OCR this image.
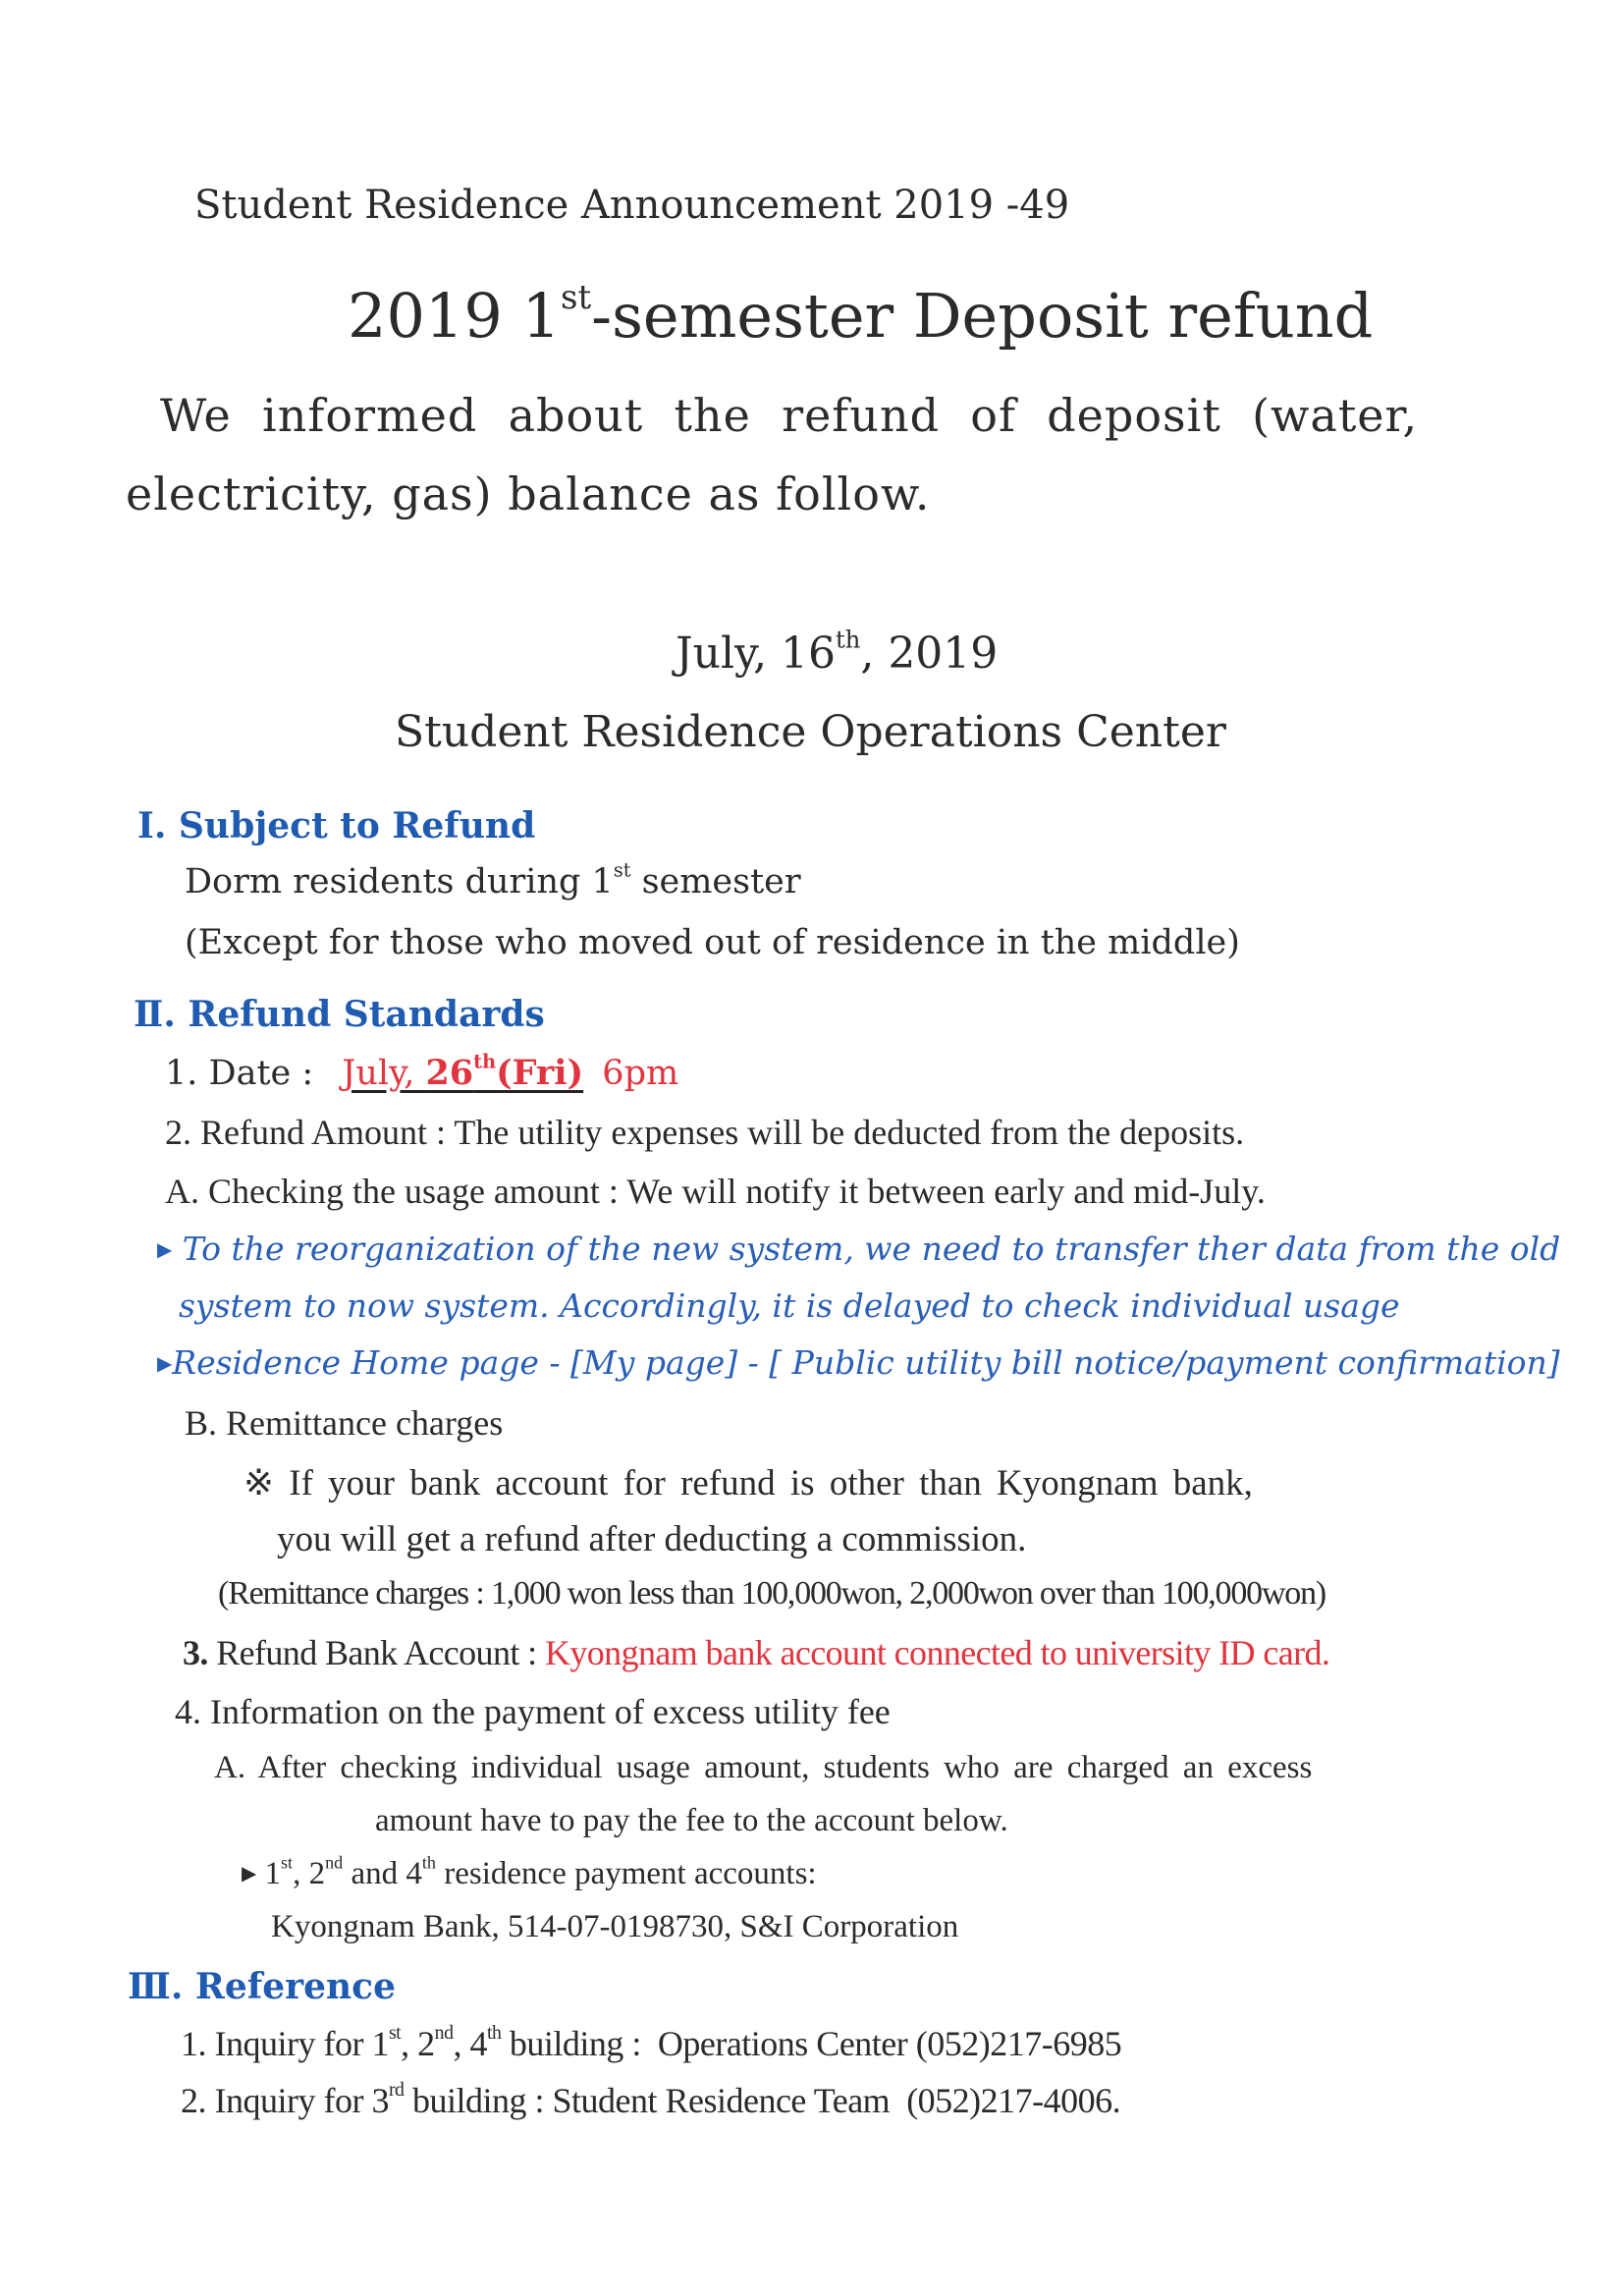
Student Residence Announcement 2019 -49
2019 1st-semester Deposit refund
We  informed  about  the  refund  of  deposit  (water,
electricity, gas) balance as follow.
July, 16th, 2019
Student Residence Operations Center
Ⅰ. Subject to Refund
Dorm residents during 1st semester
(Except for those who moved out of residence in the middle)
Ⅱ. Refund Standards
1. Date : July, 26th(Fri) 6pm
2. Refund Amount : The utility expenses will be deducted from the deposits.
A. Checking the usage amount : We will notify it between early and mid-July.
▶ To the reorganization of the new system, we need to transfer ther data from the old
system to now system. Accordingly, it is delayed to check individual usage
▶Residence Home page - [My page] - [ Public utility bill notice/payment confirmation]
B. Remittance charges
※ If your bank account for refund is other than Kyongnam bank,
you will get a refund after deducting a commission.
(Remittance charges : 1,000 won less than 100,000won, 2,000won over than 100,000won)
3. Refund Bank Account : Kyongnam bank account connected to university ID card.
4. Information on the payment of excess utility fee
A. After checking individual usage amount, students who are charged an excess
amount have to pay the fee to the account below.
▶ 1st, 2nd and 4th residence payment accounts:
Kyongnam Bank, 514-07-0198730, S&I Corporation
Ⅲ. Reference
1. Inquiry for 1st, 2nd, 4th building :  Operations Center (052)217-6985
2. Inquiry for 3rd building : Student Residence Team  (052)217-4006.
